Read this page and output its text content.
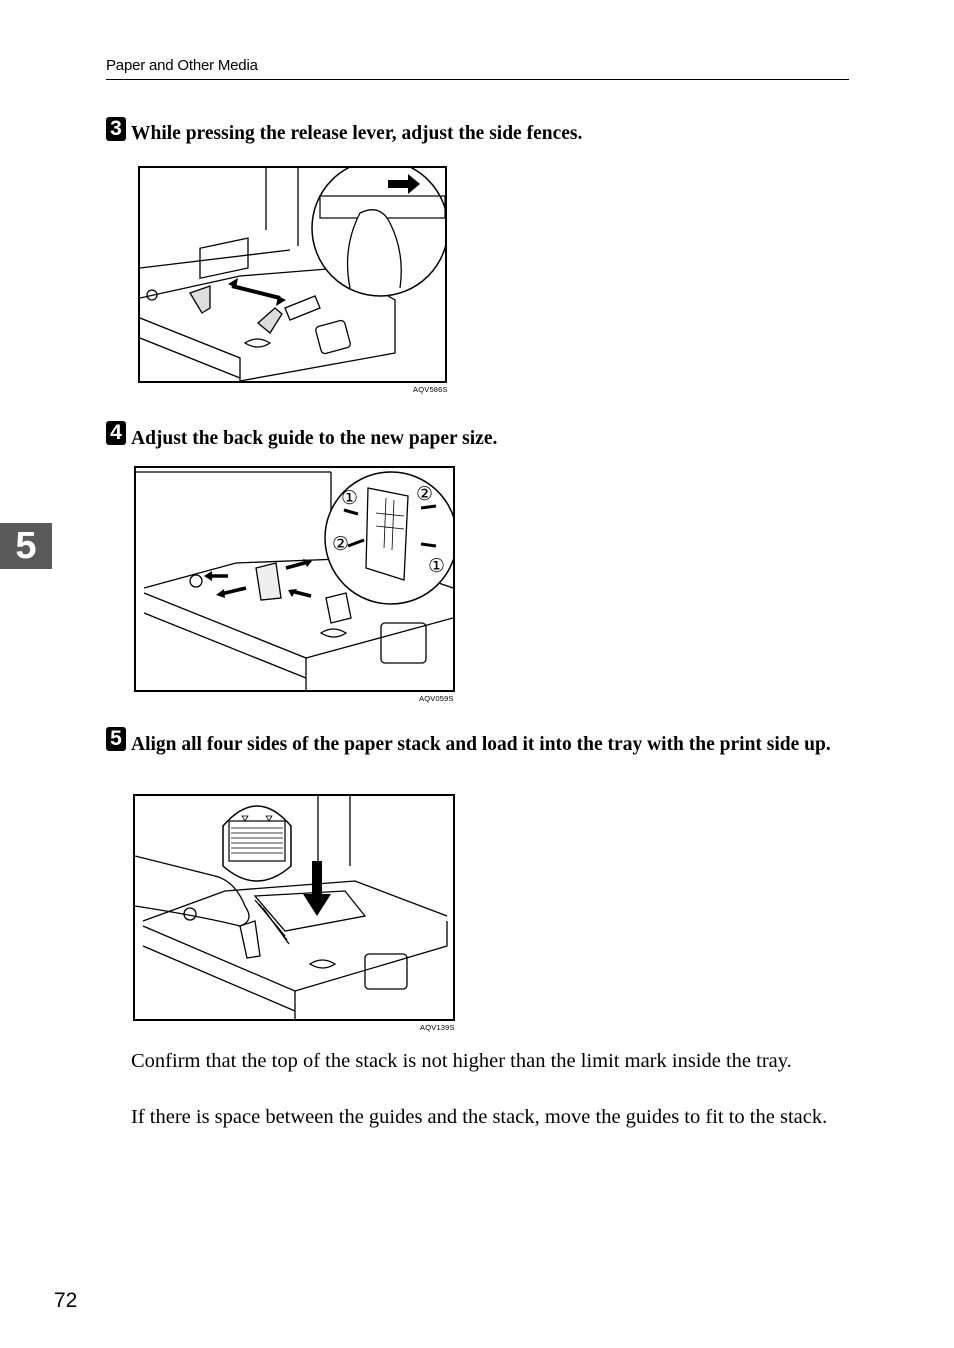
Paper and Other Media
3 While pressing the release lever, adjust the side fences.
AQV586S
4 Adjust the back guide to the new paper size.
①	②
②
①
AQV059S
5 Align all four sides of the paper stack and load it into the tray with the print side up.
AQV139S

Confirm that the top of the stack is not higher than the limit mark inside the tray.

If there is space between the guides and the stack, move the guides to fit to the stack.

5
72
